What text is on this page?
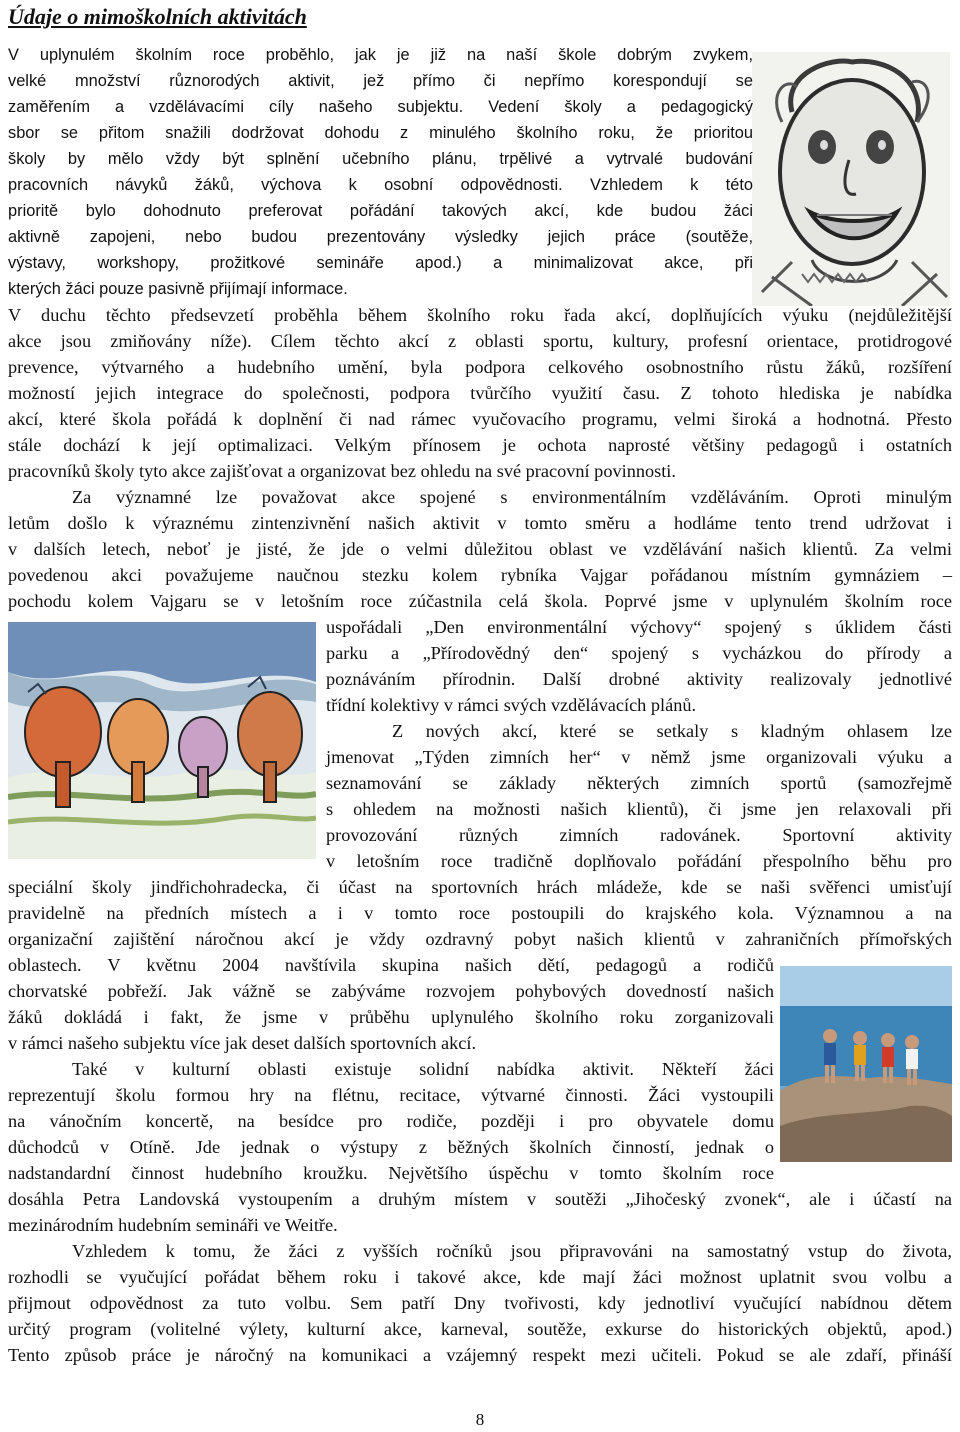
Údaje o mimoškolních aktivitách
V uplynulém školním roce proběhlo, jak je již na naší škole dobrým zvykem,
velké množství různorodých aktivit, jež přímo či nepřímo korespondují se
zaměřením a vzdělávacími cíly našeho subjektu. Vedení školy a pedagogický
sbor se přitom snažili dodržovat dohodu z minulého školního roku, že prioritou
školy by mělo vždy být splnění učebního plánu, trpělivé a vytrvalé budování
pracovních návyků žáků, výchova k osobní odpovědnosti. Vzhledem k této
prioritě bylo dohodnuto preferovat pořádání takových akcí, kde budou žáci
aktivně zapojeni, nebo budou prezentovány výsledky jejich práce (soutěže,
výstavy, workshopy, prožitkové semináře apod.) a minimalizovat akce, při
kterých žáci pouze pasivně přijímají informace.
V duchu těchto předsevzetí proběhla během školního roku řada akcí, doplňujících výuku (nejdůležitější
akce jsou zmiňovány níže). Cílem těchto akcí z oblasti sportu, kultury, profesní orientace, protidrogové
prevence, výtvarného a hudebního umění, byla podpora celkového osobnostního růstu žáků, rozšíření
možností jejich integrace do společnosti, podpora tvůrčího využití času. Z tohoto hlediska je nabídka
akcí, které škola pořádá k doplnění či nad rámec vyučovacího programu, velmi široká a hodnotná. Přesto
stále dochází k její optimalizaci. Velkým přínosem je ochota naprosté většiny pedagogů i ostatních
pracovníků školy tyto akce zajišťovat a organizovat bez ohledu na své pracovní povinnosti.
Za významné lze považovat akce spojené s environmentálním vzděláváním. Oproti minulým
letům došlo k výraznému zintenzivnění našich aktivit v tomto směru a hodláme tento trend udržovat i
v dalších letech, neboť je jisté, že jde o velmi důležitou oblast ve vzdělávání našich klientů. Za velmi
povedenou akci považujeme naučnou stezku kolem rybníka Vajgar pořádanou místním gymnáziem –
pochodu kolem Vajgaru se v letošním roce zúčastnila celá škola. Poprvé jsme v uplynulém školním roce
uspořádali „Den environmentální výchovy“ spojený s úklidem části
parku a „Přírodovědný den“ spojený s vycházkou do přírody a
poznáváním přírodnin. Další drobné aktivity realizovaly jednotlivé
třídní kolektivy v rámci svých vzdělávacích plánů.
Z nových akcí, které se setkaly s kladným ohlasem lze
jmenovat „Týden zimních her“ v němž jsme organizovali výuku a
seznamování se základy některých zimních sportů (samozřejmě
s ohledem na možnosti našich klientů), či jsme jen relaxovali při
provozování různých zimních radovánek. Sportovní aktivity
v letošním roce tradičně doplňovalo pořádání přespolního běhu pro
speciální školy jindřichohradecka, či účast na sportovních hrách mládeže, kde se naši svěřenci umisťují
pravidelně na předních místech a i v tomto roce postoupili do krajského kola. Významnou a na
organizační zajištění náročnou akcí je vždy ozdravný pobyt našich klientů v zahraničních přímořských
oblastech. V květnu 2004 navštívila skupina našich dětí, pedagogů a rodičů
chorvatské pobřeží. Jak vážně se zabýváme rozvojem pohybových dovedností našich
žáků dokládá i fakt, že jsme v průběhu uplynulého školního roku zorganizovali
v rámci našeho subjektu více jak deset dalších sportovních akcí.
Také v kulturní oblasti existuje solidní nabídka aktivit. Někteří žáci
reprezentují školu formou hry na flétnu, recitace, výtvarné činnosti. Žáci vystoupili
na vánočním koncertě, na besídce pro rodiče, později i pro obyvatele domu
důchodců v Otíně. Jde jednak o výstupy z běžných školních činností, jednak o
nadstandardní činnost hudebního kroužku. Největšího úspěchu v tomto školním roce
dosáhla Petra Landovská vystoupením a druhým místem v soutěži „Jihočeský zvonek“, ale i účastí na
mezinárodním hudebním semináři ve Weitře.
Vzhledem k tomu, že žáci z vyšších ročníků jsou připravováni na samostatný vstup do života,
rozhodli se vyučující pořádat během roku i takové akce, kde mají žáci možnost uplatnit svou volbu a
přijmout odpovědnost za tuto volbu. Sem patří Dny tvořivosti, kdy jednotliví vyučující nabídnou dětem
určitý program (volitelné výlety, kulturní akce, karneval, soutěže, exkurse do historických objektů, apod.)
Tento způsob práce je náročný na komunikaci a vzájemný respekt mezi učiteli. Pokud se ale zdaří, přináší
8
